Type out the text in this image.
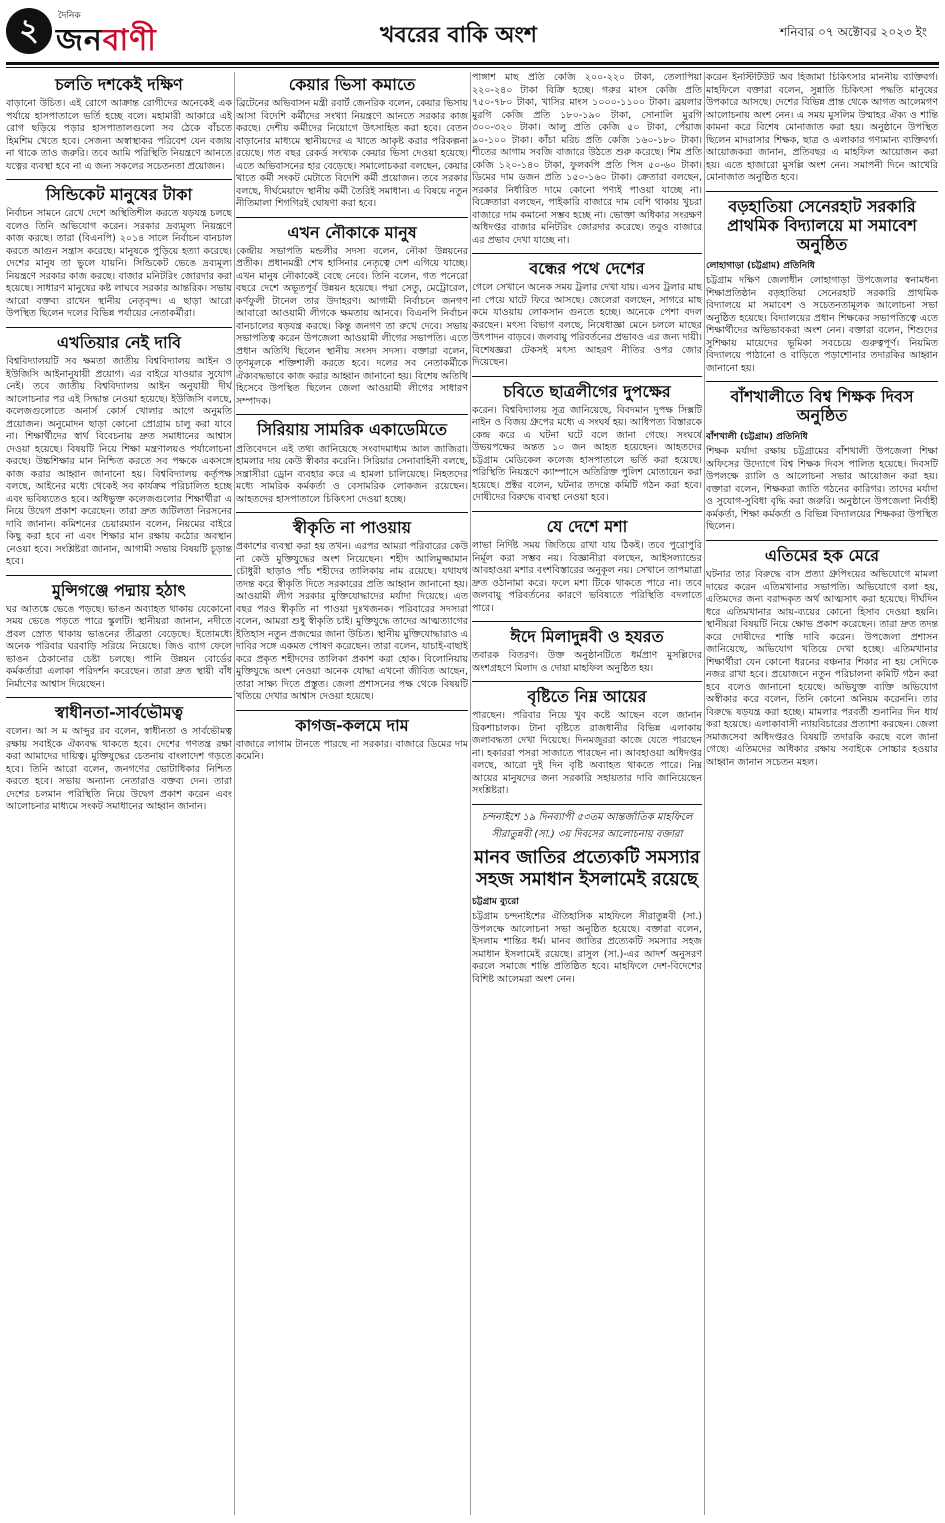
২	দৈনিক
জনবাণী	খবরের বাকি অংশ	শনিবার ০৭ অক্টোবর ২০২৩ ইং
চলতি দশকেই দক্ষিণ

বাড়ানো উচিত। এই রোগে আক্রান্ত রোগীদের অনেকেই এক পর্যায়ে হাসপাতালে ভর্তি হচ্ছে বলে। মহামারী আকারে এই রোগ ছড়িয়ে পড়ার হাসপাতালগুলো সব ঠেকে বাঁচতে হিমশিম খেতে হবে। সেজন্য অস্বাস্থ্যকর পরিবেশ যেন বজায় না থাকে তাও জরুরি। তবে আমি পরিস্থিতি নিয়ন্ত্রণে আনতে যত্নের ব্যবস্থা হবে না এ জন্য সকলের সচেতনতা প্রয়োজন।

সিন্ডিকেট মানুষের টাকা

নির্বাচন সামনে রেখে দেশে অস্থিতিশীল করতে ষড়যন্ত্র চলছে বলেও তিনি অভিযোগ করেন। সরকার দ্রব্যমূল্য নিয়ন্ত্রণে কাজ করছে। তারা (বিএনপি) ২০১৪ সালে নির্বাচন বানচাল করতে আগুন সন্ত্রাস করেছে। মানুষকে পুড়িয়ে হত্যা করেছে। দেশের মানুষ তা ভুলে যায়নি। সিন্ডিকেট ভেঙে দ্রব্যমূল্য নিয়ন্ত্রণে সরকার কাজ করছে। বাজার মনিটরিং জোরদার করা হয়েছে। সাধারণ মানুষের কষ্ট লাঘবে সরকার আন্তরিক। সভায় আরো বক্তব্য রাখেন স্থানীয় নেতৃবৃন্দ। এ ছাড়া আরো উপস্থিত ছিলেন দলের বিভিন্ন পর্যায়ের নেতাকর্মীরা।

এখতিয়ার নেই দাবি

বিশ্ববিদ্যালয়টি সব ক্ষমতা জাতীয় বিশ্ববিদ্যালয় আইন ও ইউজিসি আইনানুযায়ী প্রয়োগ। এর বাইরে যাওয়ার সুযোগ নেই। তবে জাতীয় বিশ্ববিদ্যালয় আইন অনুযায়ী দীর্ঘ আলোচনার পর এই সিদ্ধান্ত নেওয়া হয়েছে। ইউজিসি বলছে, কলেজগুলোতে অনার্স কোর্স খোলার আগে অনুমতি প্রয়োজন। অনুমোদন ছাড়া কোনো প্রোগ্রাম চালু করা যাবে না। শিক্ষার্থীদের স্বার্থ বিবেচনায় দ্রুত সমাধানের আশ্বাস দেওয়া হয়েছে। বিষয়টি নিয়ে শিক্ষা মন্ত্রণালয়ও পর্যালোচনা করছে। উচ্চশিক্ষার মান নিশ্চিত করতে সব পক্ষকে একসঙ্গে কাজ করার আহ্বান জানানো হয়। বিশ্ববিদ্যালয় কর্তৃপক্ষ বলছে, আইনের মধ্যে থেকেই সব কার্যক্রম পরিচালিত হচ্ছে এবং ভবিষ্যতেও হবে। অধিভুক্ত কলেজগুলোর শিক্ষার্থীরা এ নিয়ে উদ্বেগ প্রকাশ করেছেন। তারা দ্রুত জটিলতা নিরসনের দাবি জানান। কমিশনের চেয়ারম্যান বলেন, নিয়মের বাইরে কিছু করা হবে না এবং শিক্ষার মান রক্ষায় কঠোর অবস্থান নেওয়া হবে। সংশ্লিষ্টরা জানান, আগামী সভায় বিষয়টি চূড়ান্ত হবে।

মুন্সিগঞ্জে পদ্মায় হঠাৎ

ঘর আতঙ্কে ভেঙে পড়ছে। ভাঙন অব্যাহত থাকায় যেকোনো সময় ভেঙে পড়তে পারে স্কুলটি। স্থানীয়রা জানান, নদীতে প্রবল স্রোত থাকায় ভাঙনের তীব্রতা বেড়েছে। ইতোমধ্যে অনেক পরিবার ঘরবাড়ি সরিয়ে নিয়েছে। জিও ব্যাগ ফেলে ভাঙন ঠেকানোর চেষ্টা চলছে। পানি উন্নয়ন বোর্ডের কর্মকর্তারা এলাকা পরিদর্শন করেছেন। তারা দ্রুত স্থায়ী বাঁধ নির্মাণের আশ্বাস দিয়েছেন।

স্বাধীনতা-সার্বভৌমত্ব

বলেন। আ স ম আব্দুর রব বলেন, স্বাধীনতা ও সার্বভৌমত্ব রক্ষায় সবাইকে ঐক্যবদ্ধ থাকতে হবে। দেশের গণতন্ত্র রক্ষা করা আমাদের দায়িত্ব। মুক্তিযুদ্ধের চেতনায় বাংলাদেশ গড়তে হবে। তিনি আরো বলেন, জনগণের ভোটাধিকার নিশ্চিত করতে হবে। সভায় অন্যান্য নেতারাও বক্তব্য দেন। তারা দেশের চলমান পরিস্থিতি নিয়ে উদ্বেগ প্রকাশ করেন এবং আলোচনার মাধ্যমে সংকট সমাধানের আহ্বান জানান।

কেয়ার ভিসা কমাতে

ব্রিটেনের অভিবাসন মন্ত্রী রবার্ট জেনরিক বলেন, কেয়ার ভিসায় আসা বিদেশি কর্মীদের সংখ্যা নিয়ন্ত্রণে আনতে সরকার কাজ করছে। দেশীয় কর্মীদের নিয়োগে উৎসাহিত করা হবে। বেতন বাড়ানোর মাধ্যমে স্থানীয়দের এ খাতে আকৃষ্ট করার পরিকল্পনা রয়েছে। গত বছর রেকর্ড সংখ্যক কেয়ার ভিসা দেওয়া হয়েছে। এতে অভিবাসনের হার বেড়েছে। সমালোচকরা বলছেন, কেয়ার খাতে কর্মী সংকট মেটাতে বিদেশি কর্মী প্রয়োজন। তবে সরকার বলছে, দীর্ঘমেয়াদে স্থানীয় কর্মী তৈরিই সমাধান। এ বিষয়ে নতুন নীতিমালা শিগগিরই ঘোষণা করা হবে।

এখন নৌকাকে মানুষ

কেন্দ্রীয় সভাপতি মন্ডলীর সদস্য বলেন, নৌকা উন্নয়নের প্রতীক। প্রধানমন্ত্রী শেখ হাসিনার নেতৃত্বে দেশ এগিয়ে যাচ্ছে। এখন মানুষ নৌকাকেই বেছে নেবে। তিনি বলেন, গত পনেরো বছরে দেশে অভূতপূর্ব উন্নয়ন হয়েছে। পদ্মা সেতু, মেট্রোরেল, কর্ণফুলী টানেল তার উদাহরণ। আগামী নির্বাচনে জনগণ আবারো আওয়ামী লীগকে ক্ষমতায় আনবে। বিএনপি নির্বাচন বানচালের ষড়যন্ত্র করছে। কিন্তু জনগণ তা রুখে দেবে। সভায় সভাপতিত্ব করেন উপজেলা আওয়ামী লীগের সভাপতি। এতে প্রধান অতিথি ছিলেন স্থানীয় সংসদ সদস্য। বক্তারা বলেন, তৃণমূলকে শক্তিশালী করতে হবে। দলের সব নেতাকর্মীকে ঐক্যবদ্ধভাবে কাজ করার আহ্বান জানানো হয়। বিশেষ অতিথি হিসেবে উপস্থিত ছিলেন জেলা আওয়ামী লীগের সাধারণ সম্পাদক।

সিরিয়ায় সামরিক একাডেমিতে

প্রতিবেদনে এই তথ্য জানিয়েছে সংবাদমাধ্যম আল জাজিরা। হামলার দায় কেউ স্বীকার করেনি। সিরিয়ার সেনাবাহিনী বলছে, সন্ত্রাসীরা ড্রোন ব্যবহার করে এ হামলা চালিয়েছে। নিহতদের মধ্যে সামরিক কর্মকর্তা ও বেসামরিক লোকজন রয়েছেন। আহতদের হাসপাতালে চিকিৎসা দেওয়া হচ্ছে।

স্বীকৃতি না পাওয়ায়

প্রকাশের ব্যবস্থা করা হয় তখন। এরপর আমরা পরিবারের কেউ না কেউ মুক্তিযুদ্ধের অংশ নিয়েছেন। শহীদ আলিমুজ্জামান চৌধুরী ছাড়াও পাঁচ শহীদের তালিকায় নাম রয়েছে। যথাযথ তদন্ত করে স্বীকৃতি দিতে সরকারের প্রতি আহ্বান জানানো হয়। আওয়ামী লীগ সরকার মুক্তিযোদ্ধাদের মর্যাদা দিয়েছে। এত বছর পরও স্বীকৃতি না পাওয়া দুঃখজনক। পরিবারের সদস্যরা বলেন, আমরা শুধু স্বীকৃতি চাই। মুক্তিযুদ্ধে তাদের আত্মত্যাগের ইতিহাস নতুন প্রজন্মের জানা উচিত। স্থানীয় মুক্তিযোদ্ধারাও এ দাবির সঙ্গে একমত পোষণ করেছেন। তারা বলেন, যাচাই-বাছাই করে প্রকৃত শহীদদের তালিকা প্রকাশ করা হোক। বিলোনিয়ায় মুক্তিযুদ্ধে অংশ নেওয়া অনেক যোদ্ধা এখনো জীবিত আছেন, তারা সাক্ষ্য দিতে প্রস্তুত। জেলা প্রশাসনের পক্ষ থেকে বিষয়টি খতিয়ে দেখার আশ্বাস দেওয়া হয়েছে।

কাগজ-কলমে দাম

বাজারে লাগাম টানতে পারছে না সরকার। বাজারে ডিমের দাম কমেনি।

পাঙ্গাশ মাছ প্রতি কেজি ২০০-২২০ টাকা, তেলাপিয়া ২২০-২৪০ টাকা বিক্রি হচ্ছে। গরুর মাংস কেজি প্রতি ৭৫০-৭৮০ টাকা, খাসির মাংস ১০০০-১১০০ টাকা। ব্রয়লার মুরগি কেজি প্রতি ১৮০-১৯০ টাকা, সোনালি মুরগি ৩০০-৩২০ টাকা। আলু প্রতি কেজি ৫০ টাকা, পেঁয়াজ ৯০-১০০ টাকা। কাঁচা মরিচ প্রতি কেজি ১৬০-১৮০ টাকা। শীতের আগাম সবজি বাজারে উঠতে শুরু করেছে। শিম প্রতি কেজি ১২০-১৪০ টাকা, ফুলকপি প্রতি পিস ৫০-৬০ টাকা। ডিমের দাম ডজন প্রতি ১৫০-১৬০ টাকা। ক্রেতারা বলছেন, সরকার নির্ধারিত দামে কোনো পণ্যই পাওয়া যাচ্ছে না। বিক্রেতারা বলছেন, পাইকারি বাজারে দাম বেশি থাকায় খুচরা বাজারে দাম কমানো সম্ভব হচ্ছে না। ভোক্তা অধিকার সংরক্ষণ অধিদপ্তর বাজার মনিটরিং জোরদার করেছে। তবুও বাজারে এর প্রভাব দেখা যাচ্ছে না।

বন্ধের পথে দেশের

গেলে সেখানে অনেক সময় ট্রলার দেখা যায়। এসব ট্রলার মাছ না পেয়ে ঘাটে ফিরে আসছে। জেলেরা বলছেন, সাগরে মাছ কমে যাওয়ায় লোকসান গুনতে হচ্ছে। অনেকে পেশা বদল করছেন। মৎস্য বিভাগ বলছে, নিষেধাজ্ঞা মেনে চললে মাছের উৎপাদন বাড়বে। জলবায়ু পরিবর্তনের প্রভাবও এর জন্য দায়ী। বিশেষজ্ঞরা টেকসই মৎস্য আহরণ নীতির ওপর জোর দিয়েছেন।

চবিতে ছাত্রলীগের দুপক্ষের

করেন। বিশ্ববিদ্যালয় সূত্র জানিয়েছে, বিবদমান দুপক্ষ সিক্সটি নাইন ও বিজয় গ্রুপের মধ্যে এ সংঘর্ষ হয়। আধিপত্য বিস্তারকে কেন্দ্র করে এ ঘটনা ঘটে বলে জানা গেছে। সংঘর্ষে উভয়পক্ষের অন্তত ১০ জন আহত হয়েছেন। আহতদের চট্টগ্রাম মেডিকেল কলেজ হাসপাতালে ভর্তি করা হয়েছে। পরিস্থিতি নিয়ন্ত্রণে ক্যাম্পাসে অতিরিক্ত পুলিশ মোতায়েন করা হয়েছে। প্রক্টর বলেন, ঘটনার তদন্তে কমিটি গঠন করা হবে। দোষীদের বিরুদ্ধে ব্যবস্থা নেওয়া হবে।

যে দেশে মশা

লাভা নির্দিষ্ট সময় জিতিয়ে রাখা যায় ঠিকই। তবে পুরোপুরি নির্মূল করা সম্ভব নয়। বিজ্ঞানীরা বলছেন, আইসল্যান্ডের আবহাওয়া মশার বংশবিস্তারের অনুকূল নয়। সেখানে তাপমাত্রা দ্রুত ওঠানামা করে। ফলে মশা টিকে থাকতে পারে না। তবে জলবায়ু পরিবর্তনের কারণে ভবিষ্যতে পরিস্থিতি বদলাতে পারে।

ঈদে মিলাদুন্নবী ও হযরত

তবারক বিতরণ। উক্ত অনুষ্ঠানটিতে ধর্মপ্রাণ মুসল্লিদের অংশগ্রহণে মিলাদ ও দোয়া মাহফিল অনুষ্ঠিত হয়।

বৃষ্টিতে নিম্ন আয়ের

পারছেন। পরিবার নিয়ে খুব কষ্টে আছেন বলে জানান রিকশাচালক। টানা বৃষ্টিতে রাজধানীর বিভিন্ন এলাকায় জলাবদ্ধতা দেখা দিয়েছে। দিনমজুররা কাজে যেতে পারছেন না। হকাররা পসরা সাজাতে পারছেন না। আবহাওয়া অধিদপ্তর বলছে, আরো দুই দিন বৃষ্টি অব্যাহত থাকতে পারে। নিম্ন আয়ের মানুষদের জন্য সরকারি সহায়তার দাবি জানিয়েছেন সংশ্লিষ্টরা।

চন্দনাইশে ১৯ দিনব্যাপী ৫৩তম আন্তর্জাতিক মাহফিলে সীরাতুন্নবী (সা.) ৩য় দিবসের আলোচনায় বক্তারা
মানব জাতির প্রত্যেকটি সমস্যার সহজ সমাধান ইসলামেই রয়েছে
চট্টগ্রাম ব্যুরো

চট্টগ্রাম চন্দনাইশের ঐতিহাসিক মাহফিলে সীরাতুন্নবী (সা.) উপলক্ষে আলোচনা সভা অনুষ্ঠিত হয়েছে। বক্তারা বলেন, ইসলাম শান্তির ধর্ম। মানব জাতির প্রত্যেকটি সমস্যার সহজ সমাধান ইসলামেই রয়েছে। রাসুল (সা.)-এর আদর্শ অনুসরণ করলে সমাজে শান্তি প্রতিষ্ঠিত হবে। মাহফিলে দেশ-বিদেশের বিশিষ্ট আলেমরা অংশ নেন।

করেন ইনস্টিটিউট অব হিজামা চিকিৎসার মাননীয় ব্যক্তিবর্গ। মাহফিলে বক্তারা বলেন, সুন্নাতি চিকিৎসা পদ্ধতি মানুষের উপকারে আসছে। দেশের বিভিন্ন প্রান্ত থেকে আগত আলেমগণ আলোচনায় অংশ নেন। এ সময় মুসলিম উম্মাহর ঐক্য ও শান্তি কামনা করে বিশেষ মোনাজাত করা হয়। অনুষ্ঠানে উপস্থিত ছিলেন মাদরাসার শিক্ষক, ছাত্র ও এলাকার গণ্যমান্য ব্যক্তিবর্গ। আয়োজকরা জানান, প্রতিবছর এ মাহফিল আয়োজন করা হয়। এতে হাজারো মুসল্লি অংশ নেন। সমাপনী দিনে আখেরি মোনাজাত অনুষ্ঠিত হবে।

বড়হাতিয়া সেনেরহাট সরকারি প্রাথমিক বিদ্যালয়ে মা সমাবেশ অনুষ্ঠিত
লোহাগাড়া (চট্টগ্রাম) প্রতিনিধি

চট্টগ্রাম দক্ষিণ জেলাধীন লোহাগাড়া উপজেলার স্বনামধন্য শিক্ষাপ্রতিষ্ঠান বড়হাতিয়া সেনেরহাট সরকারি প্রাথমিক বিদ্যালয়ে মা সমাবেশ ও সচেতনতামূলক আলোচনা সভা অনুষ্ঠিত হয়েছে। বিদ্যালয়ের প্রধান শিক্ষকের সভাপতিত্বে এতে শিক্ষার্থীদের অভিভাবকরা অংশ নেন। বক্তারা বলেন, শিশুদের সুশিক্ষায় মায়েদের ভূমিকা সবচেয়ে গুরুত্বপূর্ণ। নিয়মিত বিদ্যালয়ে পাঠানো ও বাড়িতে পড়াশোনার তদারকির আহ্বান জানানো হয়।

বাঁশখালীতে বিশ্ব শিক্ষক দিবস অনুষ্ঠিত
বাঁশখালী (চট্টগ্রাম) প্রতিনিধি

শিক্ষক মর্যাদা রক্ষায় চট্টগ্রামের বাঁশখালী উপজেলা শিক্ষা অফিসের উদ্যোগে বিশ্ব শিক্ষক দিবস পালিত হয়েছে। দিবসটি উপলক্ষে র‍্যালি ও আলোচনা সভার আয়োজন করা হয়। বক্তারা বলেন, শিক্ষকরা জাতি গঠনের কারিগর। তাদের মর্যাদা ও সুযোগ-সুবিধা বৃদ্ধি করা জরুরি। অনুষ্ঠানে উপজেলা নির্বাহী কর্মকর্তা, শিক্ষা কর্মকর্তা ও বিভিন্ন বিদ্যালয়ের শিক্ষকরা উপস্থিত ছিলেন।

এতিমের হক মেরে

ঘটনার তার বিরুদ্ধে বাস প্রত্যা গ্রুপিংয়ের অভিযোগে মামলা দায়ের করেন এতিমখানার সভাপতি। অভিযোগে বলা হয়, এতিমদের জন্য বরাদ্দকৃত অর্থ আত্মসাৎ করা হয়েছে। দীর্ঘদিন ধরে এতিমখানার আয়-ব্যয়ের কোনো হিসাব দেওয়া হয়নি। স্থানীয়রা বিষয়টি নিয়ে ক্ষোভ প্রকাশ করেছেন। তারা দ্রুত তদন্ত করে দোষীদের শাস্তি দাবি করেন। উপজেলা প্রশাসন জানিয়েছে, অভিযোগ খতিয়ে দেখা হচ্ছে। এতিমখানার শিক্ষার্থীরা যেন কোনো ধরনের বঞ্চনার শিকার না হয় সেদিকে নজর রাখা হবে। প্রয়োজনে নতুন পরিচালনা কমিটি গঠন করা হবে বলেও জানানো হয়েছে। অভিযুক্ত ব্যক্তি অভিযোগ অস্বীকার করে বলেন, তিনি কোনো অনিয়ম করেননি। তার বিরুদ্ধে ষড়যন্ত্র করা হচ্ছে। মামলার পরবর্তী শুনানির দিন ধার্য করা হয়েছে। এলাকাবাসী ন্যায়বিচারের প্রত্যাশা করছেন। জেলা সমাজসেবা অধিদপ্তরও বিষয়টি তদারকি করছে বলে জানা গেছে। এতিমদের অধিকার রক্ষায় সবাইকে সোচ্চার হওয়ার আহ্বান জানান সচেতন মহল।
